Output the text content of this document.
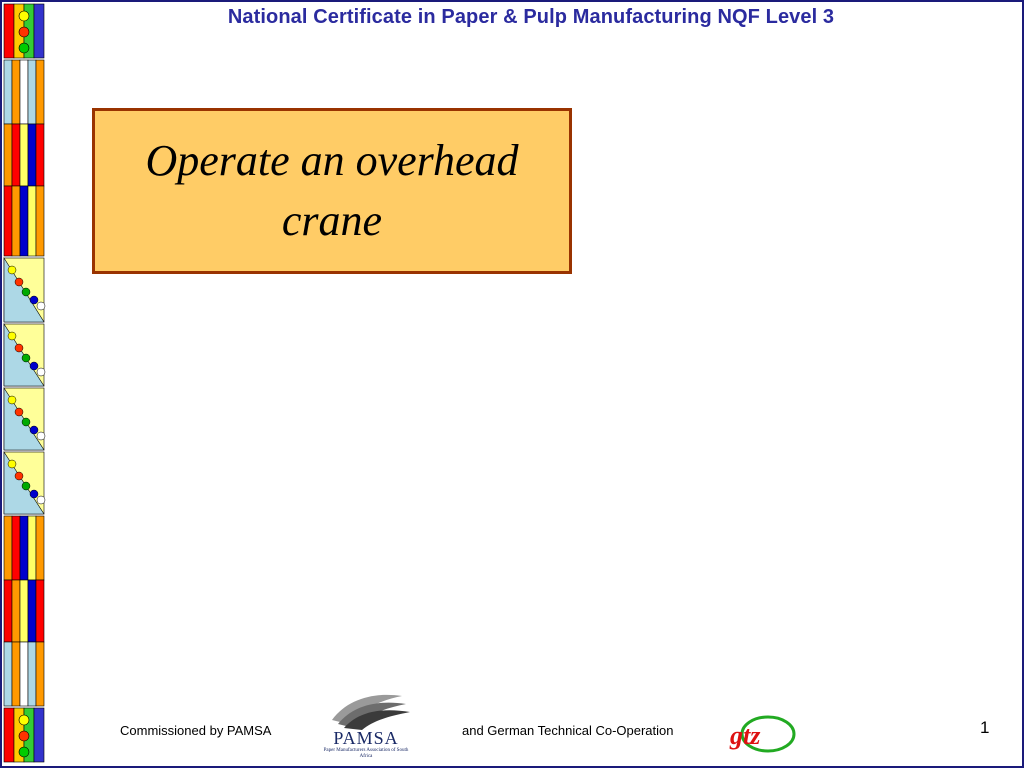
National Certificate in Paper & Pulp Manufacturing NQF Level 3
Operate an overhead crane
Commissioned by PAMSA	PAMSA
Paper Manufacturers Association of South Africa
and German Technical Co-Operation gtz	1
